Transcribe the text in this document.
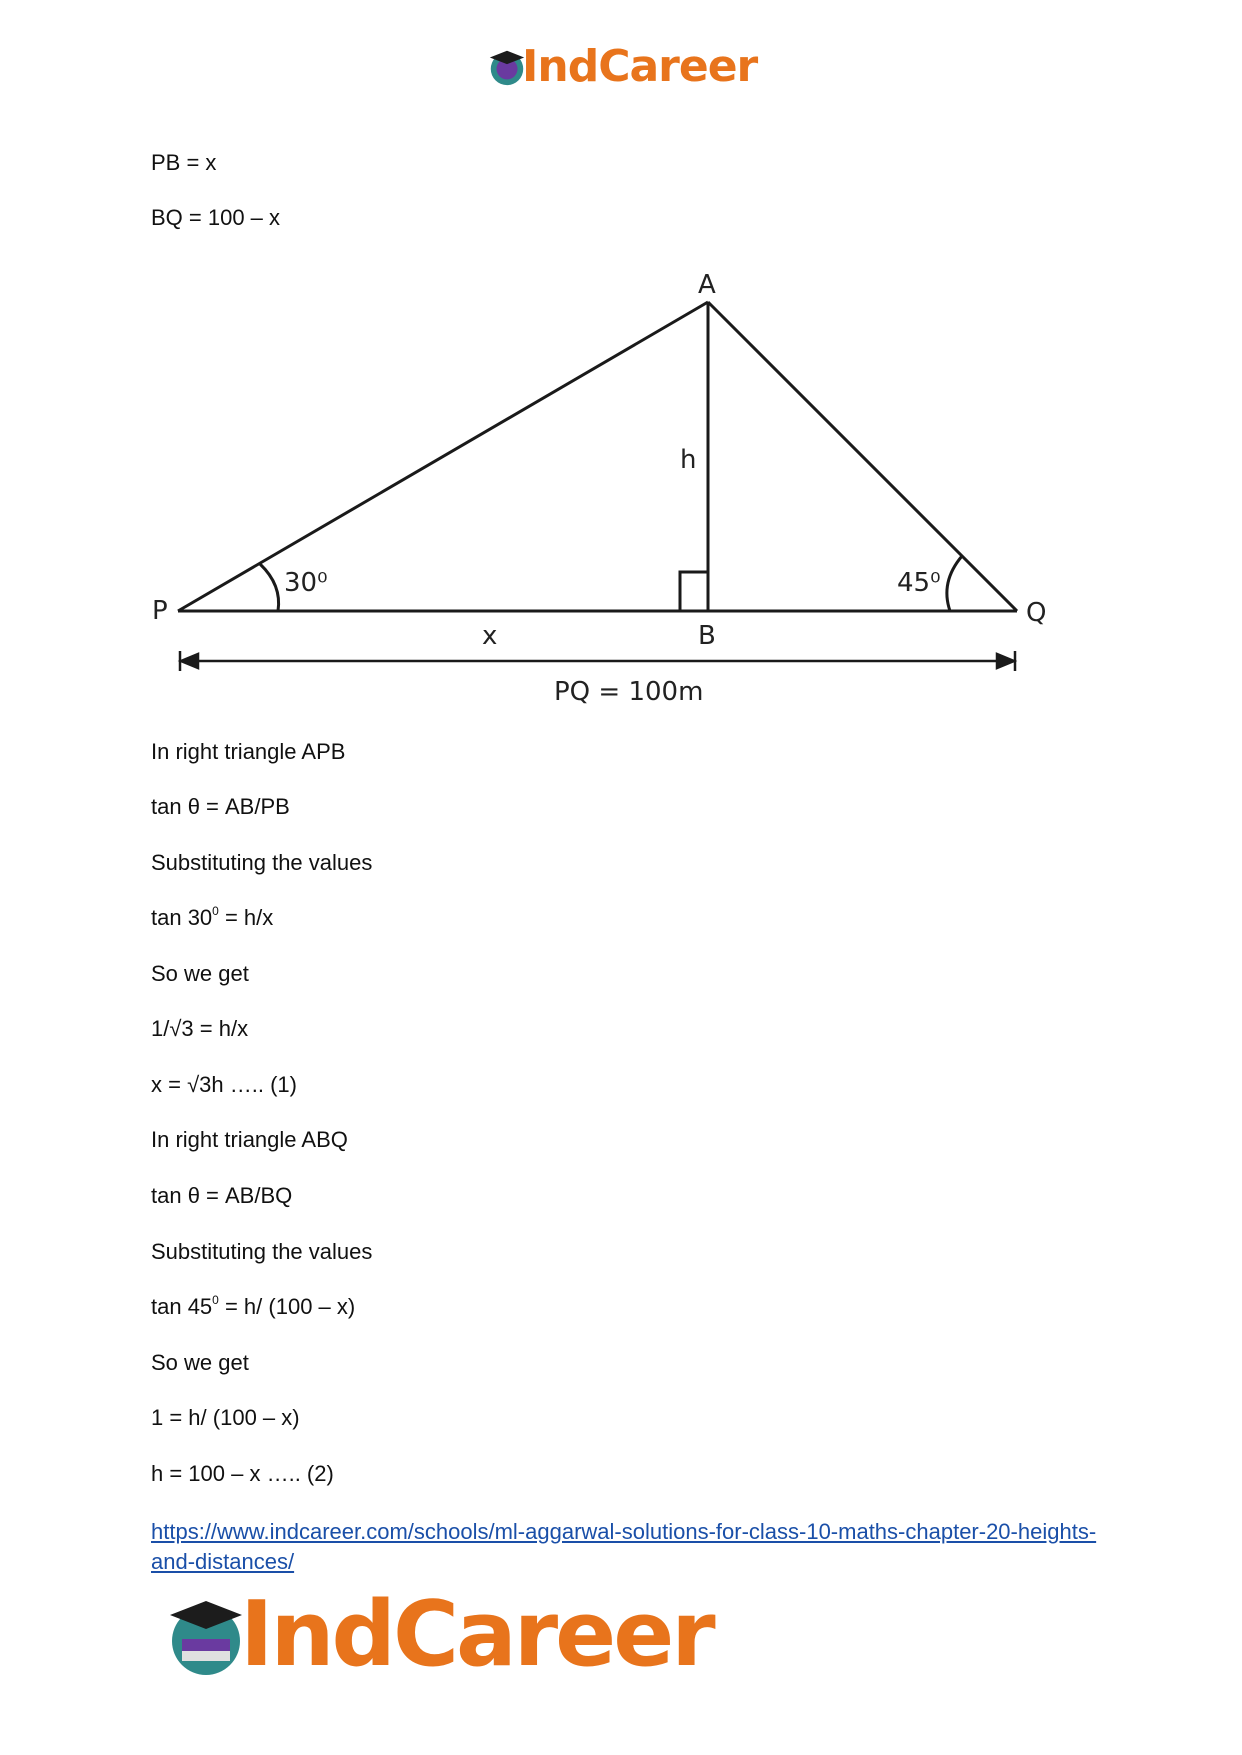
IndCareer
PB = x
BQ = 100 – x
A
P	Q
B
h
x
30⁰	45⁰
PQ = 100m
In right triangle APB
tan θ = AB/PB
Substituting the values
$\tan 30^0 = h/x$
So we get
1/√3 = h/x
x = √3h ….. (1)
In right triangle ABQ
tan θ = AB/BQ
Substituting the values
$\tan 45^0 = h/$ (100 – x)
So we get
1 = h/ (100 – x)
h = 100 – x ….. (2)
https://www.indcareer.com/schools/ml-aggarwal-solutions-for-class-10-maths-chapter-20-heights-and-distances/
IndCareer
